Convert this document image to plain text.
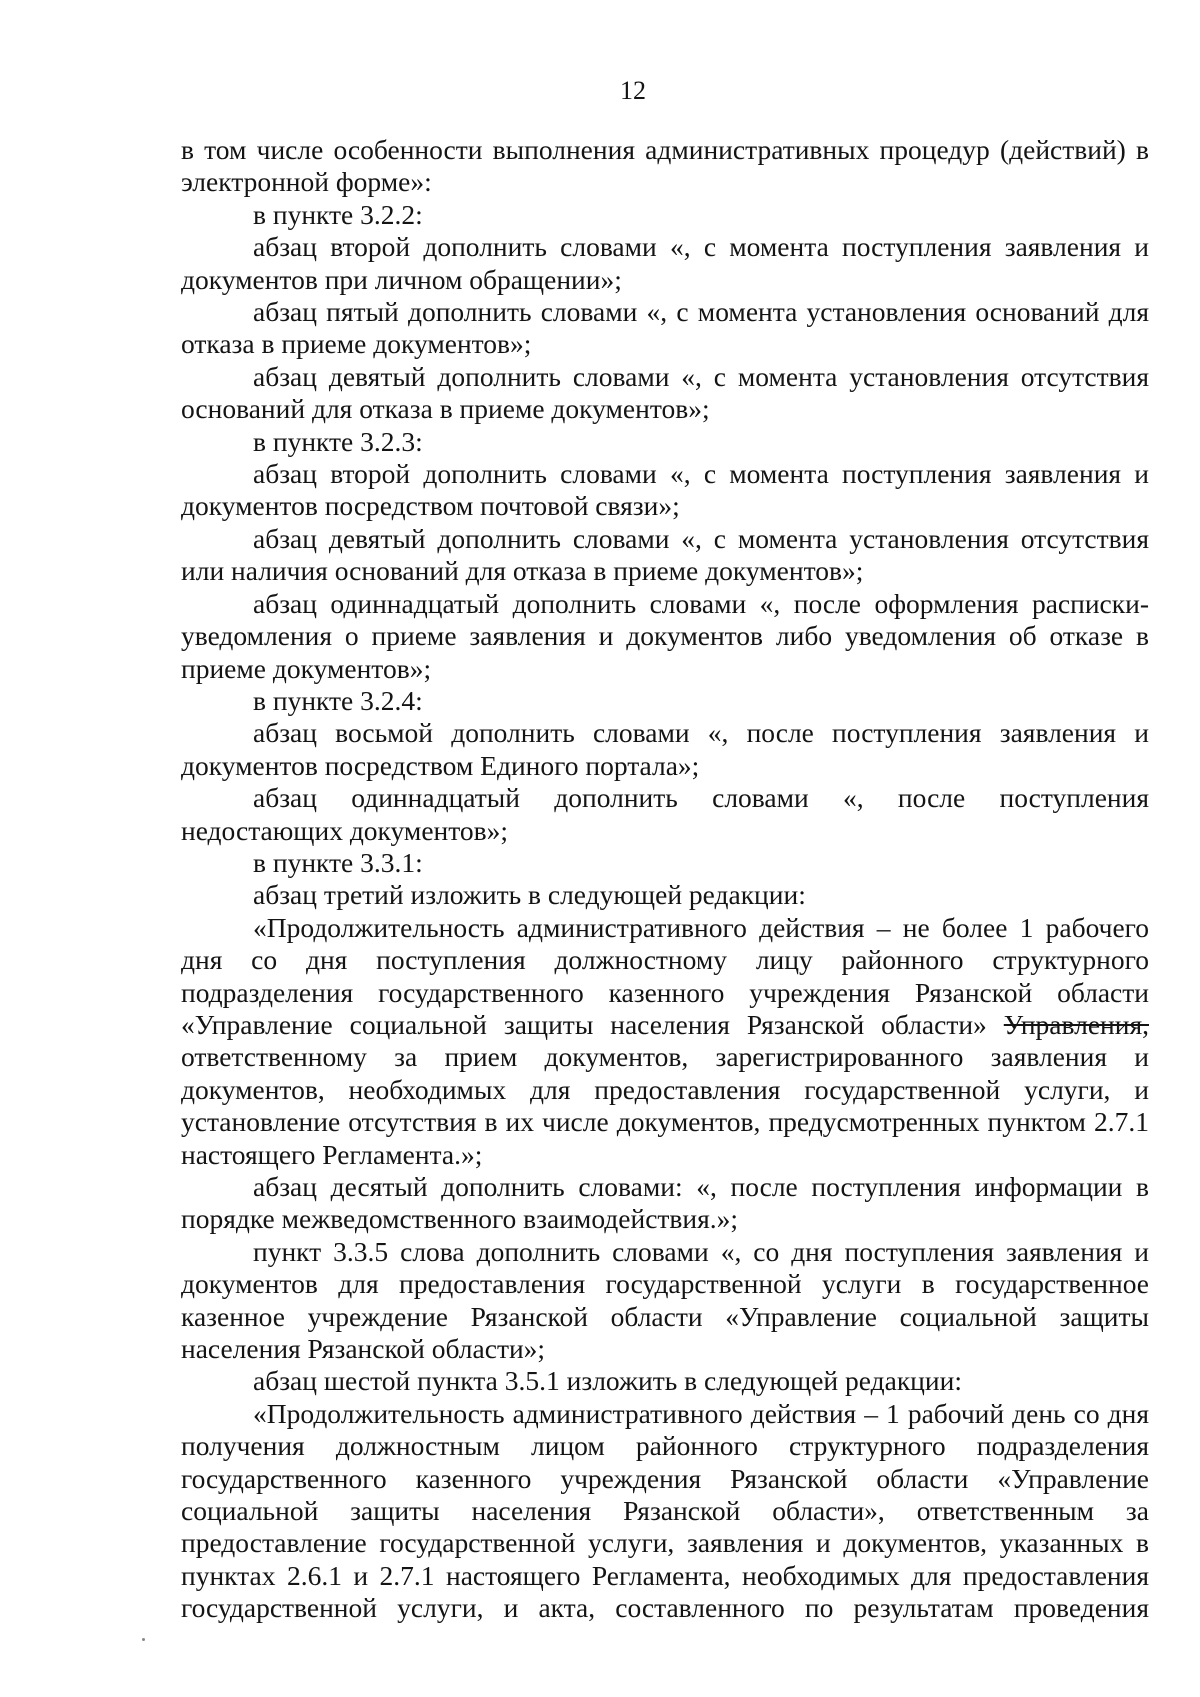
12

в том числе особенности выполнения административных процедур (действий) в электронной форме»:

в пункте 3.2.2:

абзац второй дополнить словами «, с момента поступления заявления и документов при личном обращении»;

абзац пятый дополнить словами «, с момента установления оснований для отказа в приеме документов»;

абзац девятый дополнить словами «, с момента установления отсутствия оснований для отказа в приеме документов»;

в пункте 3.2.3:

абзац второй дополнить словами «, с момента поступления заявления и документов посредством почтовой связи»;

абзац девятый дополнить словами «, с момента установления отсутствия или наличия оснований для отказа в приеме документов»;

абзац одиннадцатый дополнить словами «, после оформления расписки-уведомления о приеме заявления и документов либо уведомления об отказе в приеме документов»;

в пункте 3.2.4:

абзац восьмой дополнить словами «, после поступления заявления и документов посредством Единого портала»;

абзац одиннадцатый дополнить словами «, после поступления недостающих документов»;

в пункте 3.3.1:

абзац третий изложить в следующей редакции:

«Продолжительность административного действия – не более 1 рабочего дня со дня поступления должностному лицу районного структурного подразделения государственного казенного учреждения Рязанской области «Управление социальной защиты населения Рязанской области» Управления, ответственному за прием документов, зарегистрированного заявления и документов, необходимых для предоставления государственной услуги, и установление отсутствия в их числе документов, предусмотренных пунктом 2.7.1 настоящего Регламента.»;

абзац десятый дополнить словами: «, после поступления информации в порядке межведомственного взаимодействия.»;

пункт 3.3.5 слова дополнить словами «, со дня поступления заявления и документов для предоставления государственной услуги в государственное казенное учреждение Рязанской области «Управление социальной защиты населения Рязанской области»;

абзац шестой пункта 3.5.1 изложить в следующей редакции:

«Продолжительность административного действия – 1 рабочий день со дня получения должностным лицом районного структурного подразделения государственного казенного учреждения Рязанской области «Управление социальной защиты населения Рязанской области», ответственным за предоставление государственной услуги, заявления и документов, указанных в пунктах 2.6.1 и 2.7.1 настоящего Регламента, необходимых для предоставления государственной услуги, и акта, составленного по результатам проведения
